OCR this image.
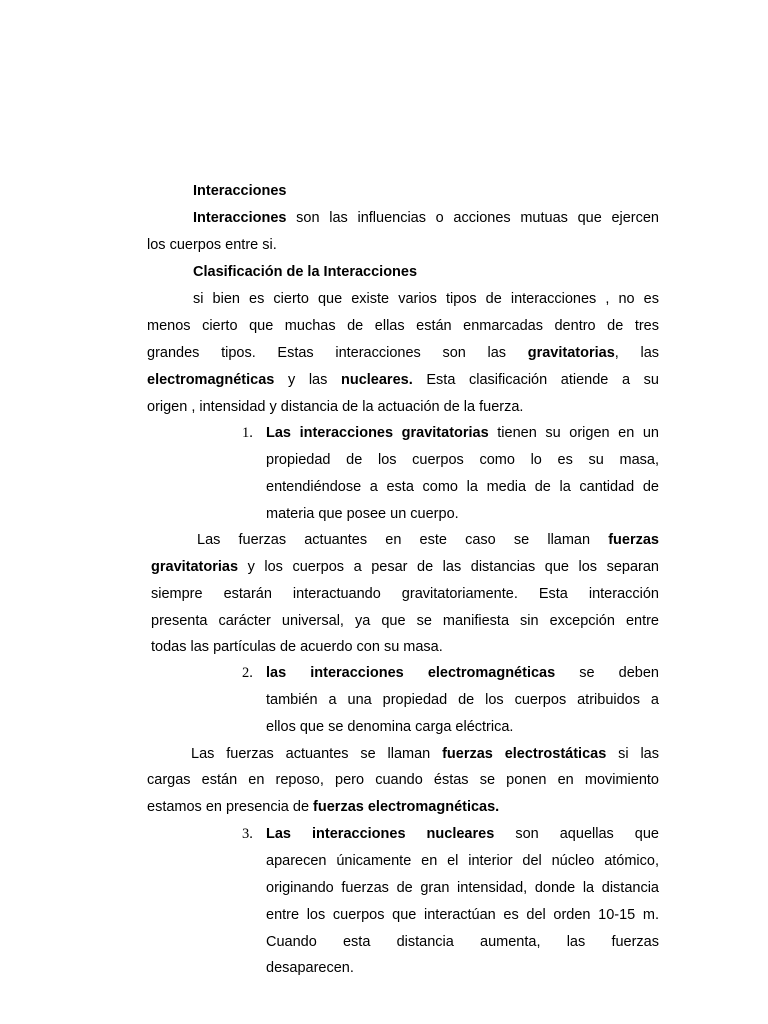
Interacciones

Interacciones son las influencias o acciones mutuas que ejercen

los cuerpos entre si.

Clasificación de la Interacciones

si bien es cierto que existe varios tipos de interacciones , no es

menos cierto que muchas de ellas están enmarcadas dentro de tres

grandes tipos. Estas interacciones son las gravitatorias, las

electromagnéticas y las nucleares. Esta clasificación atiende a su

origen , intensidad y distancia de la actuación de la fuerza.

1. Las interacciones gravitatorias tienen su origen en un

propiedad de los cuerpos como lo es su masa,

entendiéndose a esta como la media de la cantidad de

materia que posee un cuerpo.

Las fuerzas actuantes en este caso se llaman fuerzas

gravitatorias y los cuerpos a pesar de las distancias que los separan

siempre estarán interactuando gravitatoriamente. Esta interacción

presenta carácter universal, ya que se manifiesta sin excepción entre

todas las partículas de acuerdo con su masa.

2. las interacciones electromagnéticas se deben

también a una propiedad de los cuerpos atribuidos a

ellos que se denomina carga eléctrica.

Las fuerzas actuantes se llaman fuerzas electrostáticas si las

cargas están en reposo, pero cuando éstas se ponen en movimiento

estamos en presencia de fuerzas electromagnéticas.

3. Las interacciones nucleares son aquellas que

aparecen únicamente en el interior del núcleo atómico,

originando fuerzas de gran intensidad, donde la distancia

entre los cuerpos que interactúan es del orden 10-15 m.

Cuando esta distancia aumenta, las fuerzas

desaparecen.
